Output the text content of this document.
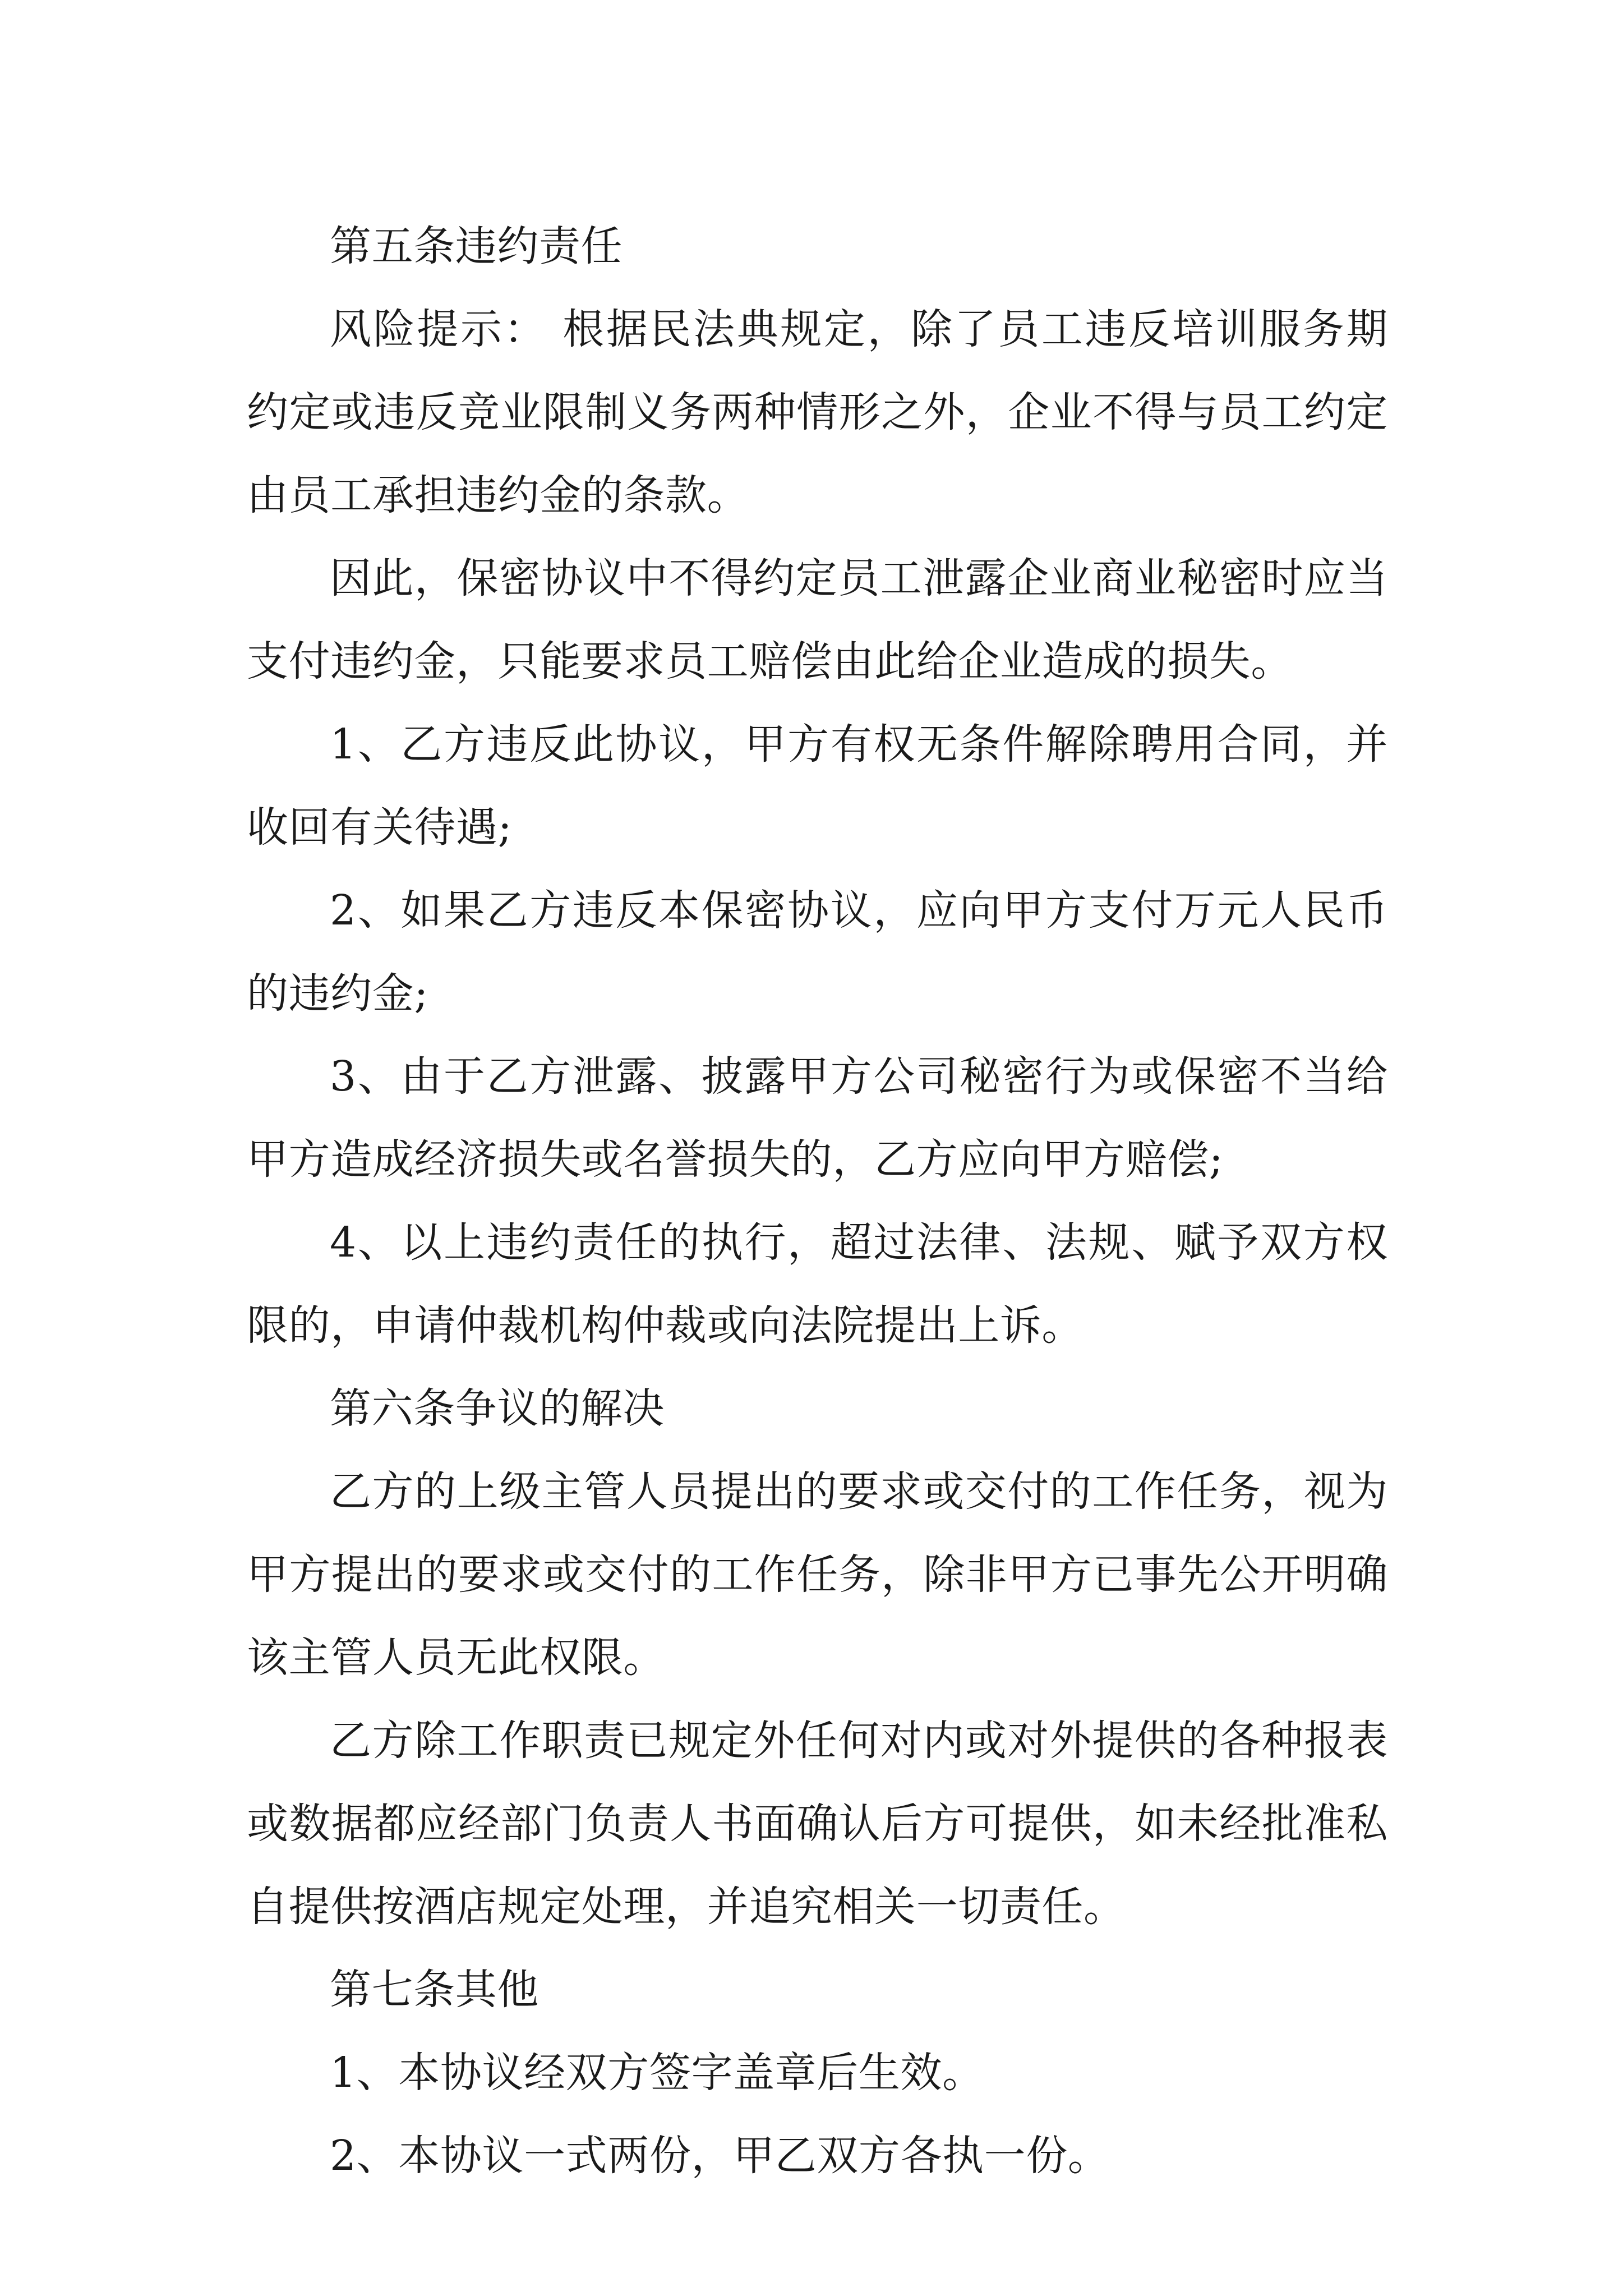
第五条违约责任

风险提示： 根据民法典规定，除了员工违反培训服务期约定或违反竞业限制义务两种情形之外，企业不得与员工约定由员工承担违约金的条款。

因此，保密协议中不得约定员工泄露企业商业秘密时应当支付违约金，只能要求员工赔偿由此给企业造成的损失。

1、乙方违反此协议，甲方有权无条件解除聘用合同，并收回有关待遇;

2、如果乙方违反本保密协议，应向甲方支付万元人民币的违约金;

3、由于乙方泄露、披露甲方公司秘密行为或保密不当给甲方造成经济损失或名誉损失的，乙方应向甲方赔偿;

4、以上违约责任的执行，超过法律、法规、赋予双方权限的，申请仲裁机构仲裁或向法院提出上诉。

第六条争议的解决

乙方的上级主管人员提出的要求或交付的工作任务，视为甲方提出的要求或交付的工作任务，除非甲方已事先公开明确该主管人员无此权限。

乙方除工作职责已规定外任何对内或对外提供的各种报表或数据都应经部门负责人书面确认后方可提供，如未经批准私自提供按酒店规定处理，并追究相关一切责任。

第七条其他

1、本协议经双方签字盖章后生效。

2、本协议一式两份，甲乙双方各执一份。
